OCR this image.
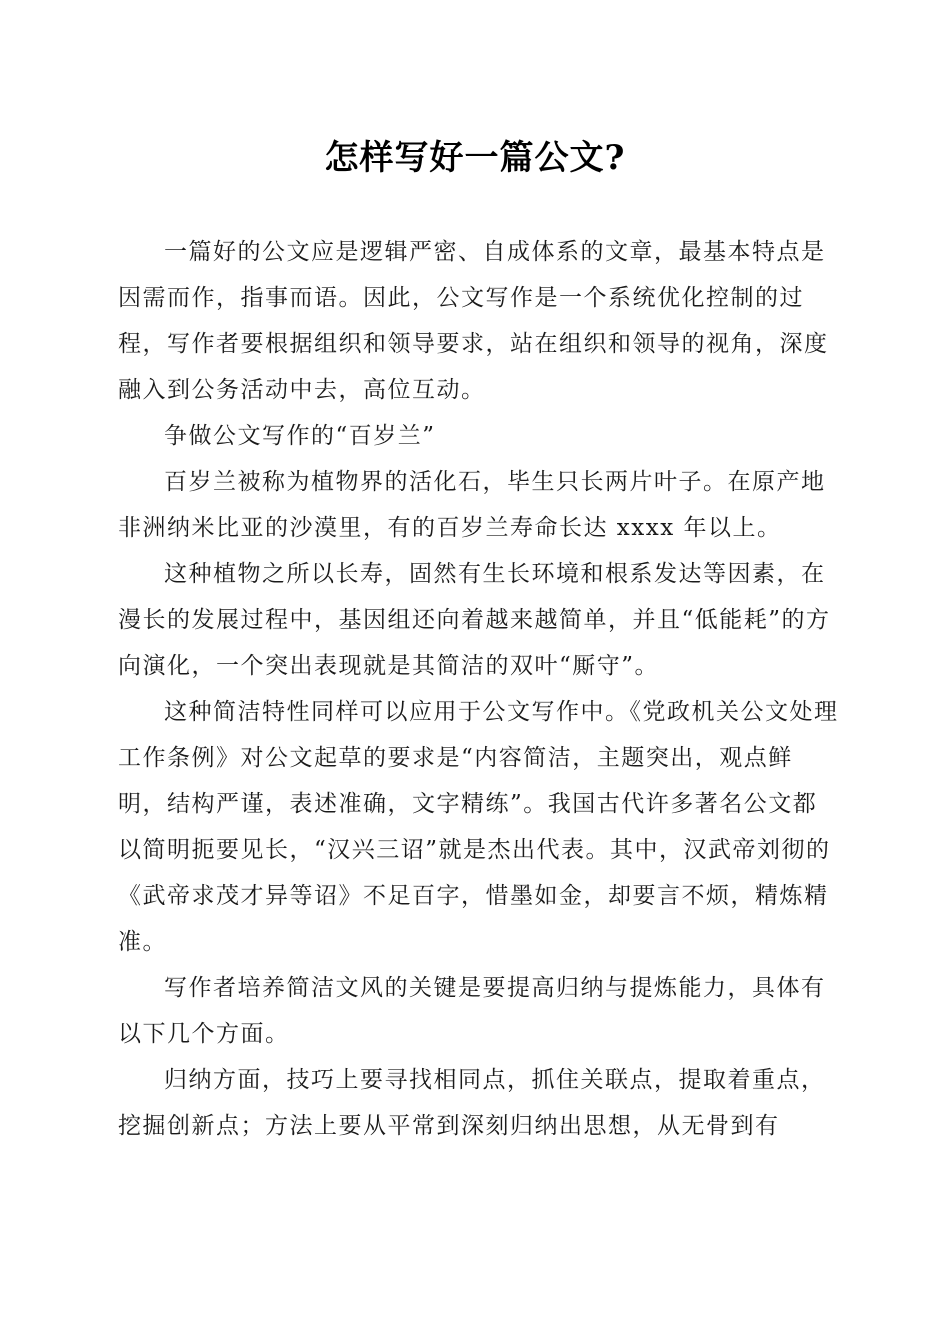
怎样写好一篇公文?

一篇好的公文应是逻辑严密、自成体系的文章，最基本特点是因需而作，指事而语。因此，公文写作是一个系统优化控制的过程，写作者要根据组织和领导要求，站在组织和领导的视角，深度融入到公务活动中去，高位互动。

争做公文写作的“百岁兰”

百岁兰被称为植物界的活化石，毕生只长两片叶子。在原产地非洲纳米比亚的沙漠里，有的百岁兰寿命长达 xxxx 年以上。

这种植物之所以长寿，固然有生长环境和根系发达等因素，在漫长的发展过程中，基因组还向着越来越简单，并且“低能耗”的方向演化，一个突出表现就是其简洁的双叶“厮守”。

这种简洁特性同样可以应用于公文写作中。《党政机关公文处理工作条例》对公文起草的要求是“内容简洁，主题突出，观点鲜明，结构严谨，表述准确，文字精练”。我国古代许多著名公文都以简明扼要见长，“汉兴三诏”就是杰出代表。其中，汉武帝刘彻的《武帝求茂才异等诏》不足百字，惜墨如金，却要言不烦，精炼精准。

写作者培养简洁文风的关键是要提高归纳与提炼能力，具体有以下几个方面。

归纳方面，技巧上要寻找相同点，抓住关联点，提取着重点，挖掘创新点；方法上要从平常到深刻归纳出思想，从无骨到有
